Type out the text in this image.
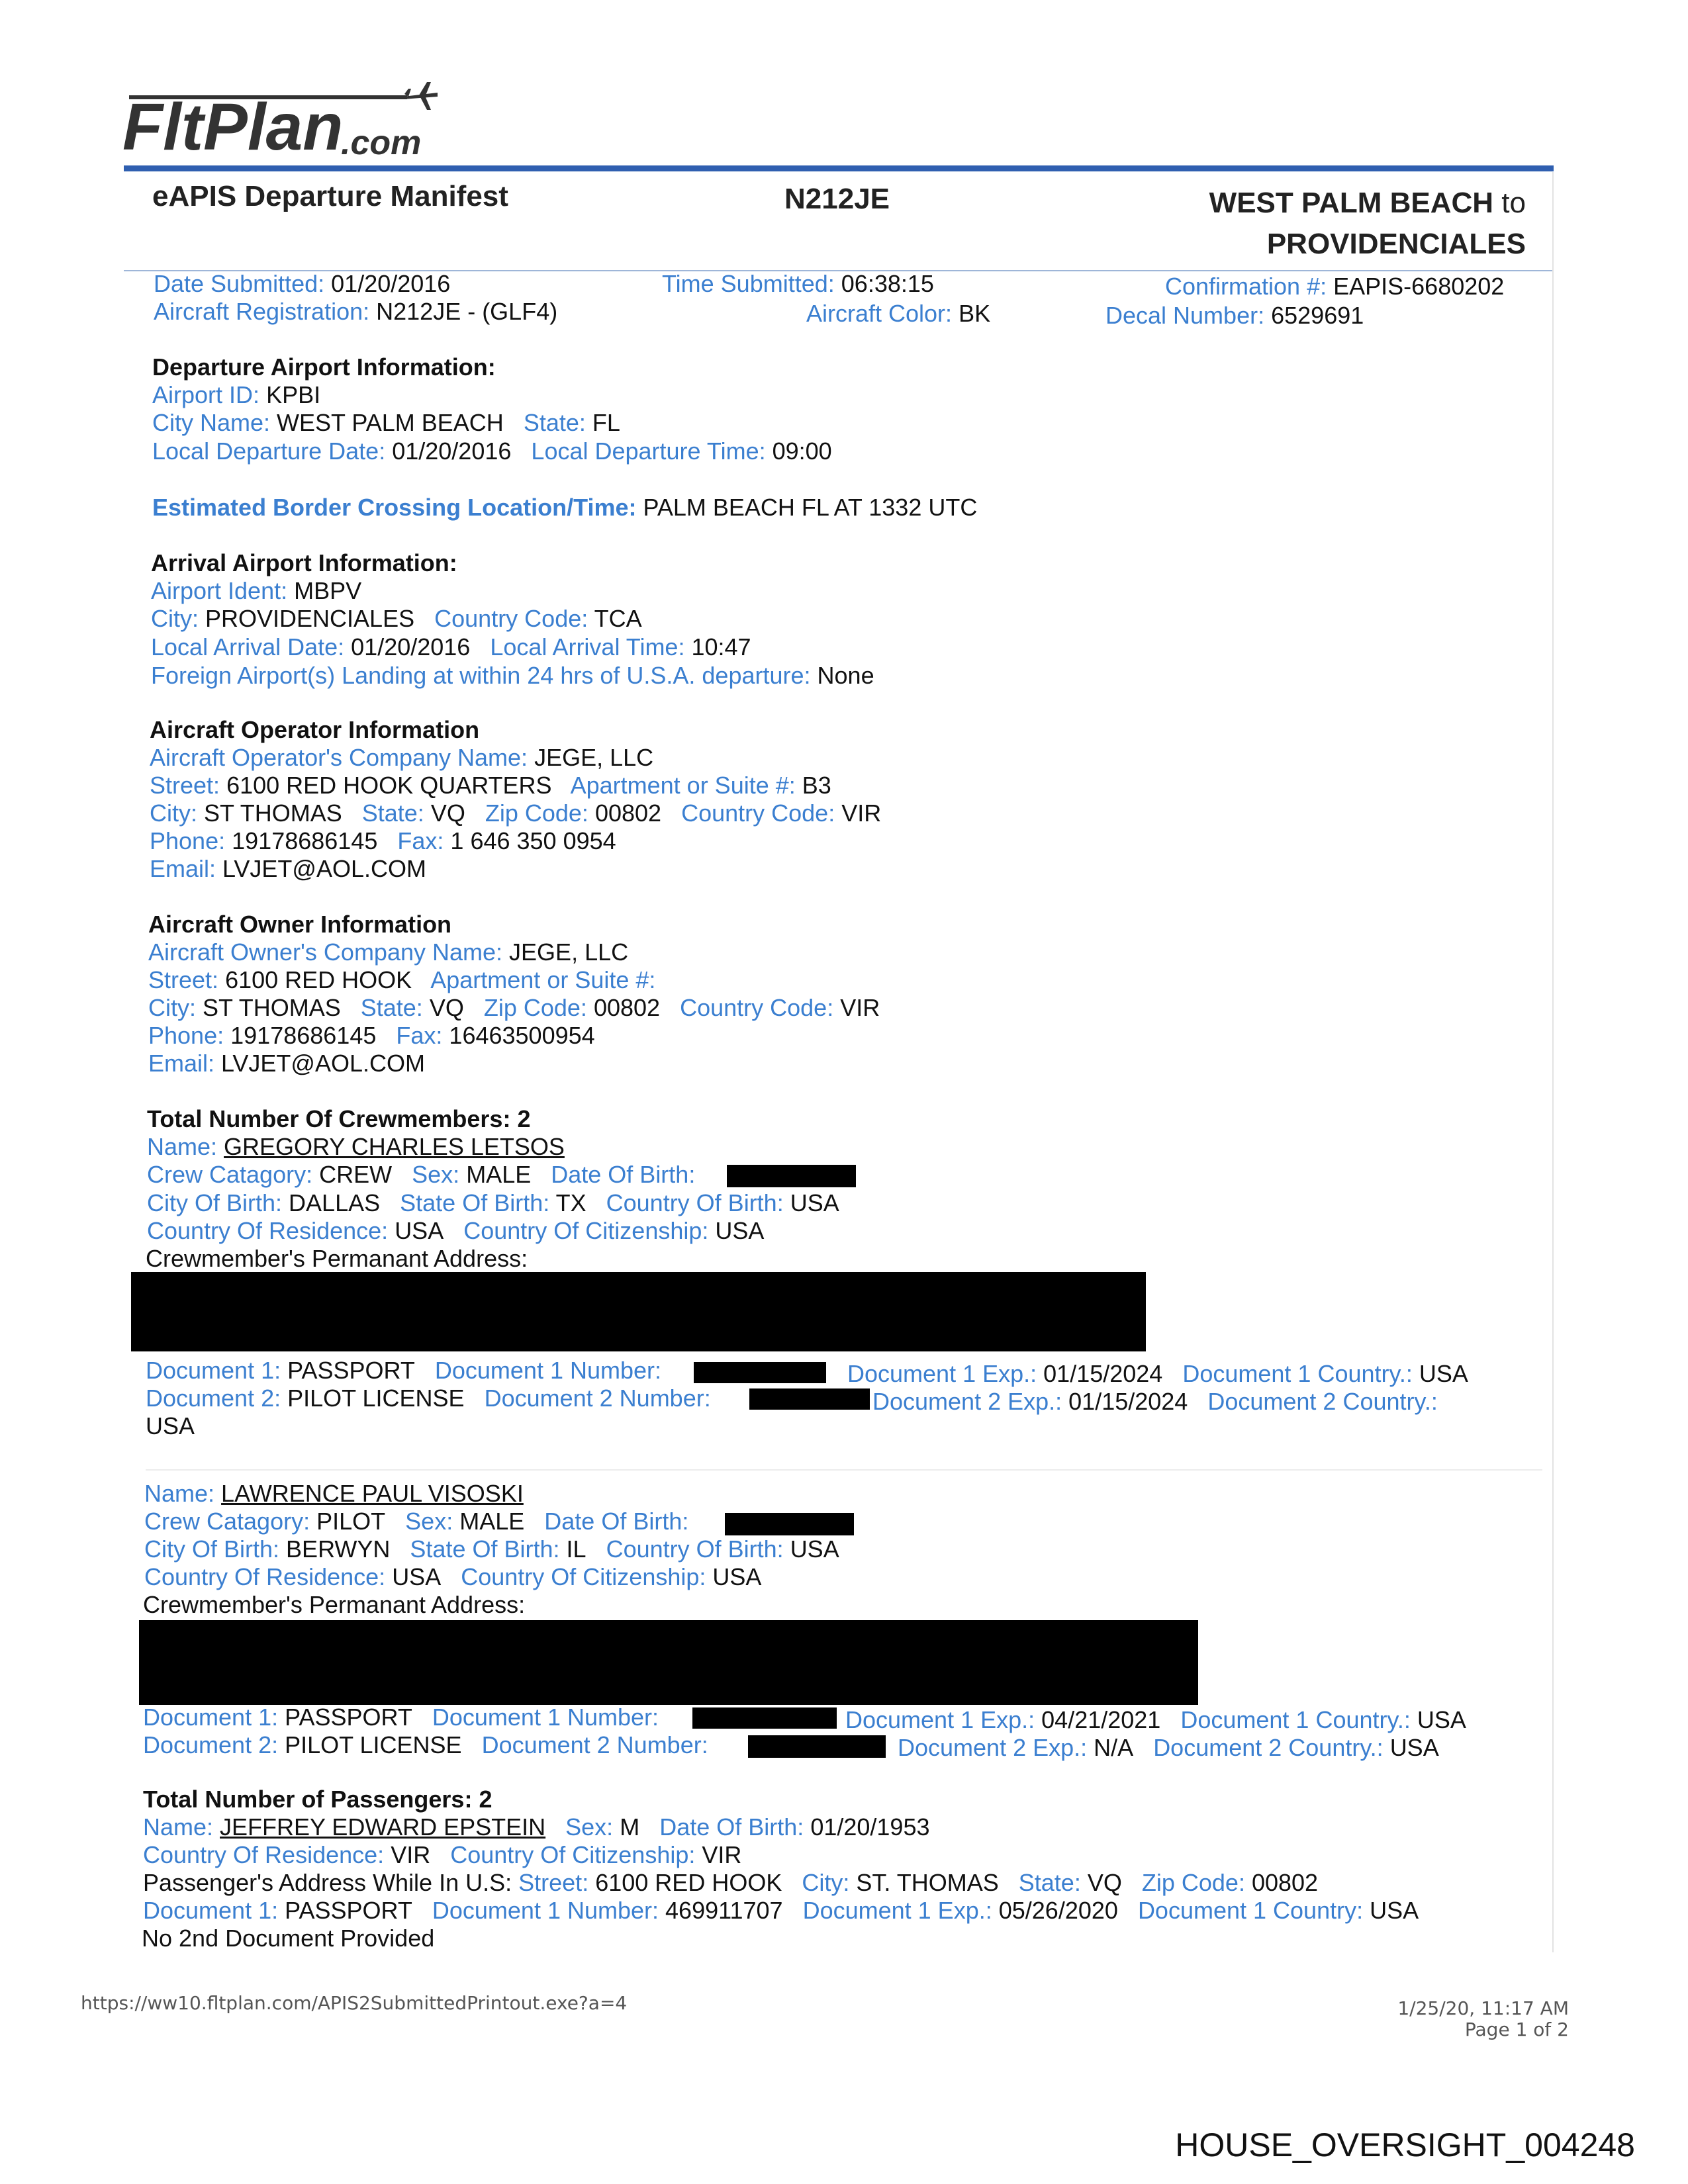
FltPlan
.com
eAPIS Departure Manifest	N212JE	WEST PALM BEACH to
PROVIDENCIALES
Date Submitted: 01/20/2016	Time Submitted: 06:38:15	Confirmation #: EAPIS-6680202
Aircraft Registration: N212JE - (GLF4)	Aircraft Color: BK	Decal Number: 6529691
Departure Airport Information:
Airport ID: KPBI
City Name: WEST PALM BEACH State: FL
Local Departure Date: 01/20/2016 Local Departure Time: 09:00
Estimated Border Crossing Location/Time: PALM BEACH FL AT 1332 UTC
Arrival Airport Information:
Airport Ident: MBPV
City: PROVIDENCIALES Country Code: TCA
Local Arrival Date: 01/20/2016 Local Arrival Time: 10:47
Foreign Airport(s) Landing at within 24 hrs of U.S.A. departure: None
Aircraft Operator Information
Aircraft Operator's Company Name: JEGE, LLC
Street: 6100 RED HOOK QUARTERS Apartment or Suite #: B3
City: ST THOMAS State: VQ Zip Code: 00802 Country Code: VIR
Phone: 19178686145 Fax: 1 646 350 0954
Email: LVJET@AOL.COM
Aircraft Owner Information
Aircraft Owner's Company Name: JEGE, LLC
Street: 6100 RED HOOK Apartment or Suite #:
City: ST THOMAS State: VQ Zip Code: 00802 Country Code: VIR
Phone: 19178686145 Fax: 16463500954
Email: LVJET@AOL.COM
Total Number Of Crewmembers: 2
Name: GREGORY CHARLES LETSOS
Crew Catagory: CREW Sex: MALE Date Of Birth:
City Of Birth: DALLAS State Of Birth: TX Country Of Birth: USA
Country Of Residence: USA Country Of Citizenship: USA
Crewmember's Permanant Address:
Document 1: PASSPORT Document 1 Number:	Document 1 Exp.: 01/15/2024 Document 1 Country.: USA
Document 2: PILOT LICENSE Document 2 Number:	Document 2 Exp.: 01/15/2024 Document 2 Country.:
USA
Name: LAWRENCE PAUL VISOSKI
Crew Catagory: PILOT Sex: MALE Date Of Birth:
City Of Birth: BERWYN State Of Birth: IL Country Of Birth: USA
Country Of Residence: USA Country Of Citizenship: USA
Crewmember's Permanant Address:
Document 1: PASSPORT Document 1 Number:	Document 1 Exp.: 04/21/2021 Document 1 Country.: USA
Document 2: PILOT LICENSE Document 2 Number:	Document 2 Exp.: N/A Document 2 Country.: USA
Total Number of Passengers: 2
Name: JEFFREY EDWARD EPSTEIN Sex: M Date Of Birth: 01/20/1953
Country Of Residence: VIR Country Of Citizenship: VIR
Passenger's Address While In U.S: Street: 6100 RED HOOK City: ST. THOMAS State: VQ Zip Code: 00802
Document 1: PASSPORT Document 1 Number: 469911707 Document 1 Exp.: 05/26/2020 Document 1 Country: USA
No 2nd Document Provided
https://ww10.fltplan.com/APIS2SubmittedPrintout.exe?a=4	1/25/20, 11:17 AM
Page 1 of 2
HOUSE_OVERSIGHT_004248
